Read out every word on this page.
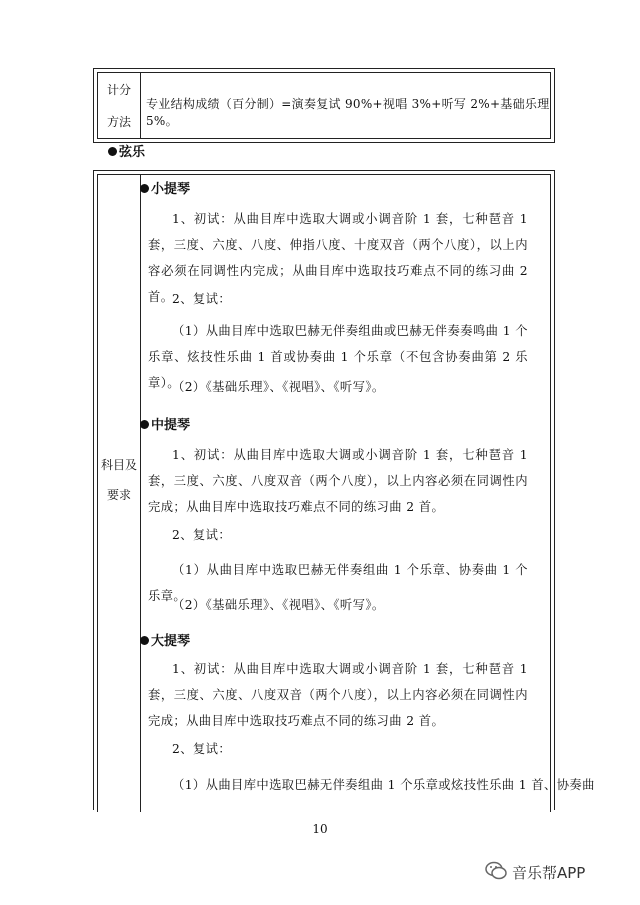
计分
方法
专业结构成绩（百分制）=演奏复试 90%+视唱 3%+听写 2%+基础乐理 5%。
弦乐
科目及
要求
小提琴
1、初试：从曲目库中选取大调或小调音阶 1 套，七种琶音 1 套，三度、六度、八度、伸指八度、十度双音（两个八度），以上内容必须在同调性内完成；从曲目库中选取技巧难点不同的练习曲 2 首。
2、复试：
（1）从曲目库中选取巴赫无伴奏组曲或巴赫无伴奏奏鸣曲 1 个乐章、炫技性乐曲 1 首或协奏曲 1 个乐章（不包含协奏曲第 2 乐章）。
（2）《基础乐理》、《视唱》、《听写》。
中提琴
1、初试：从曲目库中选取大调或小调音阶 1 套，七种琶音 1 套，三度、六度、八度双音（两个八度），以上内容必须在同调性内完成；从曲目库中选取技巧难点不同的练习曲 2 首。
2、复试：
（1）从曲目库中选取巴赫无伴奏组曲 1 个乐章、协奏曲 1 个乐章。
（2）《基础乐理》、《视唱》、《听写》。
大提琴
1、初试：从曲目库中选取大调或小调音阶 1 套，七种琶音 1 套，三度、六度、八度双音（两个八度），以上内容必须在同调性内完成；从曲目库中选取技巧难点不同的练习曲 2 首。
2、复试：
（1）从曲目库中选取巴赫无伴奏组曲 1 个乐章或炫技性乐曲 1 首、协奏曲
10
音乐帮APP
